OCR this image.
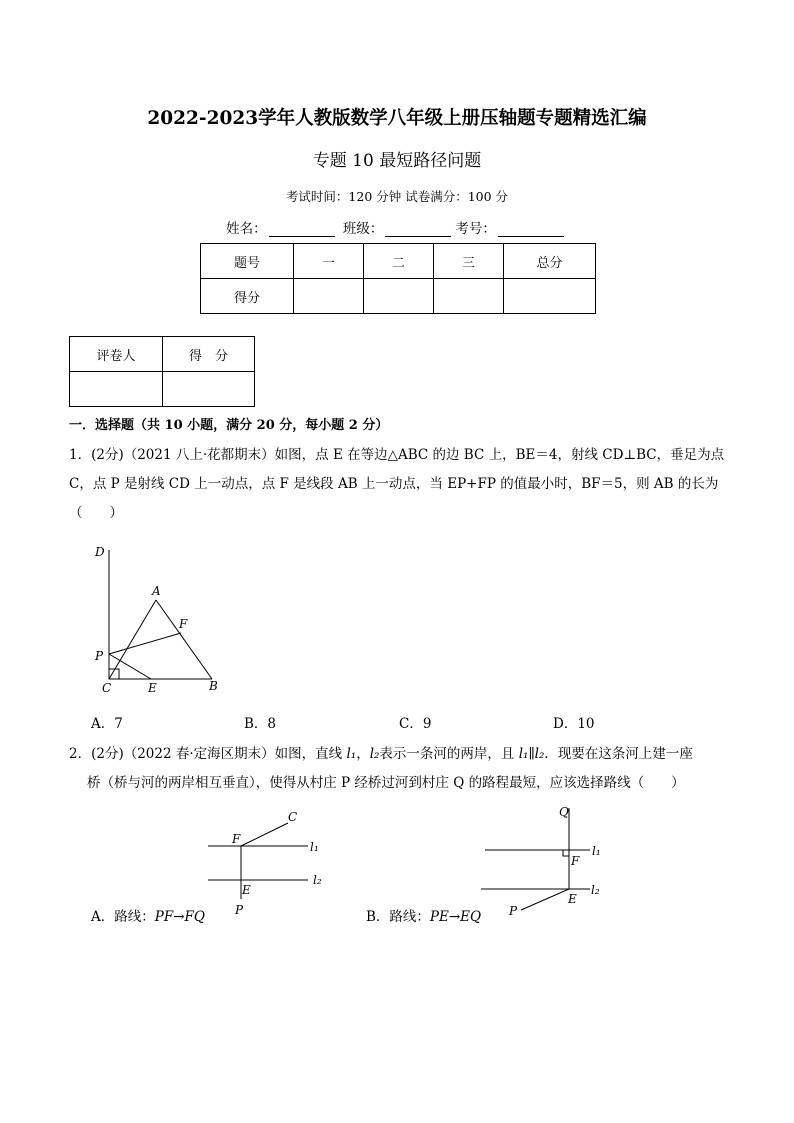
2022-2023学年人教版数学八年级上册压轴题专题精选汇编
专题 10 最短路径问题
考试时间：120 分钟 试卷满分：100 分
姓名：	班级：	考号：
题号	一	二	三	总分
得分				
评卷人	得　分

一．选择题（共 10 小题，满分 20 分，每小题 2 分）
1．(2分)（2021 八上·花都期末）如图，点 E 在等边△ABC 的边 BC 上，BE＝4，射线 CD⊥BC，垂足为点
C，点 P 是射线 CD 上一动点，点 F 是线段 AB 上一动点，当 EP+FP 的值最小时，BF＝5，则 AB 的长为
（　　）
D
A
F
P
C	E	B
A．7	B．8	C．9	D．10
2．(2分)（2022 春·定海区期末）如图，直线 l₁，l₂表示一条河的两岸，且 l₁∥l₂．现要在这条河上建一座
桥（桥与河的两岸相互垂直），使得从村庄 P 经桥过河到村庄 Q 的路程最短，应该选择路线（　　）
F
C
l₁
E
l₂
P
Q
F
l₁
E
l₂
P
A．路线：PF→FQ	B．路线：PE→EQ
